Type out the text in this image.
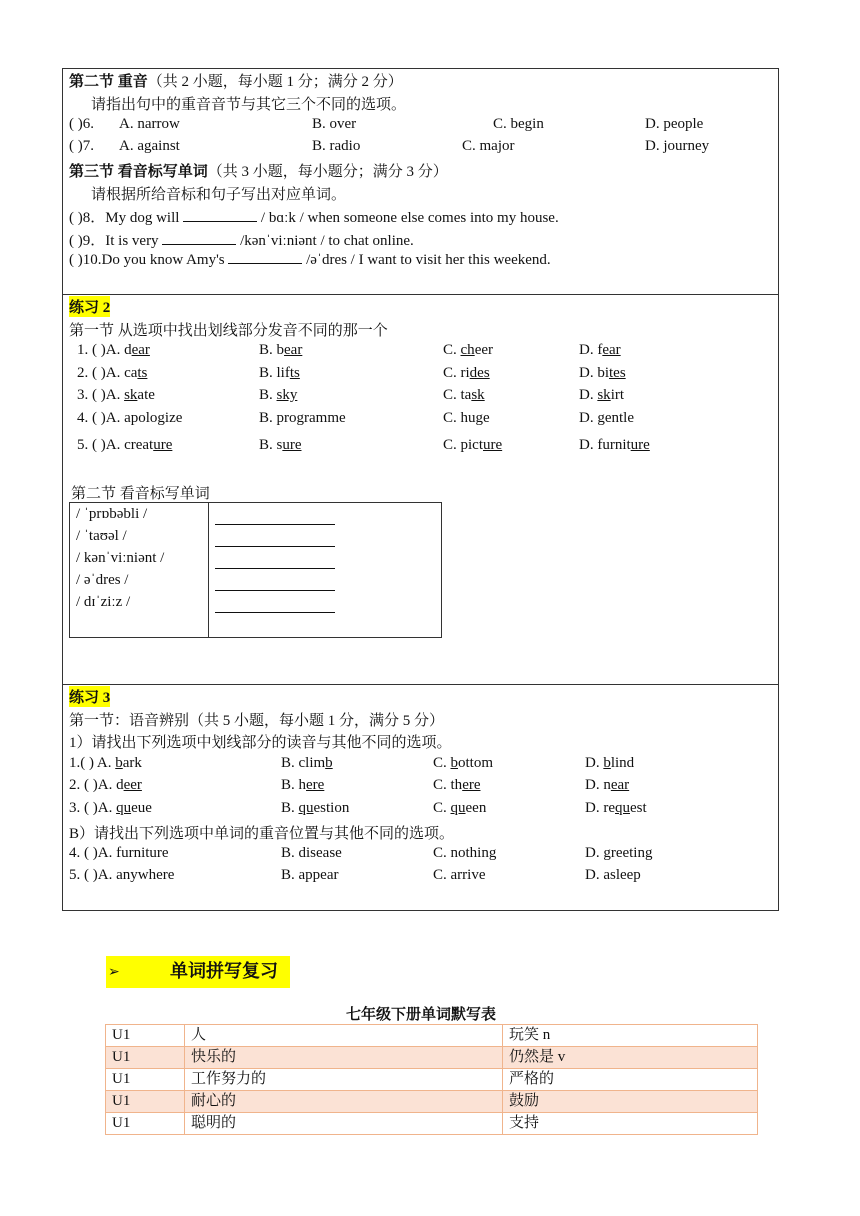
第二节 重音（共 2 小题，每小题 1 分；满分 2 分）
请指出句中的重音音节与其它三个不同的选项。
( )6. A. narrow	B. over	C. begin	D. people
( )7. A. against	B. radio	C. major	D. journey
第三节 看音标写单词（共 3 小题，每小题分；满分 3 分）
请根据所给音标和句子写出对应单词。
( )8．My dog will	/ bɑːk / when someone else comes into my house.
( )9．It is very	/kənˈviːniənt / to chat online.
( )10.Do you know Amy's	/əˈdres / I want to visit her this weekend.
练习 2
第一节 从选项中找出划线部分发音不同的那一个
1. ( )A. dear	B. bear	C. cheer	D. fear
2. ( )A. cats	B. lifts	C. rides	D. bites
3. ( )A. skate	B. sky	C. task	D. skirt
4. ( )A. apologize	B. programme	C. huge	D. gentle
5. ( )A. creature	B. sure	C. picture	D. furniture
第二节 看音标写单词
/ ˈprɒbəbli /
/ ˈtaʊəl /
/ kənˈviːniənt /
/ əˈdres /
/ dɪˈziːz /

练习 3
第一节：语音辨别（共 5 小题，每小题 1 分，满分 5 分）
1）请找出下列选项中划线部分的读音与其他不同的选项。
1.( ) A. bark	B. climb	C. bottom	D. blind
2. ( )A. deer	B. here	C. there	D. near
3. ( )A. queue	B. question	C. queen	D. request
B）请找出下列选项中单词的重音位置与其他不同的选项。
4. ( )A. furniture	B. disease	C. nothing	D. greeting
5. ( )A. anywhere	B. appear	C. arrive	D. asleep
➢	单词拼写复习
七年级下册单词默写表
U1	人	玩笑 n
U1	快乐的	仍然是 v
U1	工作努力的	严格的
U1	耐心的	鼓励
U1	聪明的	支持
